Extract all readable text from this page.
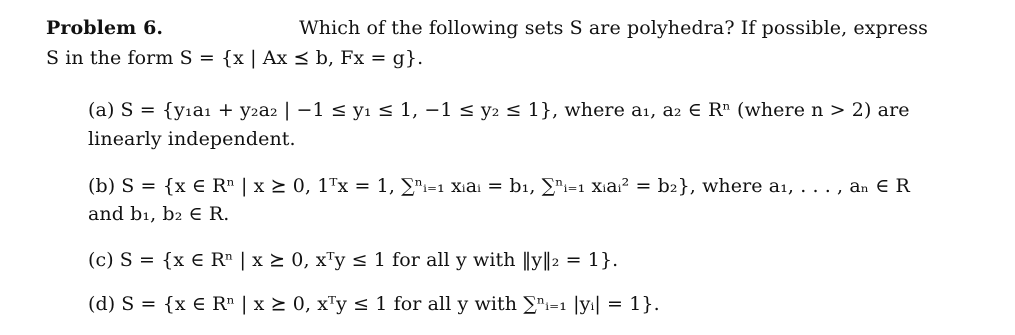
Problem 6.	Which of the following sets S are polyhedra? If possible, express
S in the form S = {x | Ax ⪯ b, Fx = g}.
(a) S = {y₁a₁ + y₂a₂ | −1 ≤ y₁ ≤ 1, −1 ≤ y₂ ≤ 1}, where a₁, a₂ ∈ Rⁿ (where n > 2) are
linearly independent.
(b) S = {x ∈ Rⁿ | x ⪰ 0, 1ᵀx = 1, ∑ⁿᵢ₌₁ xᵢaᵢ = b₁, ∑ⁿᵢ₌₁ xᵢaᵢ² = b₂}, where a₁, . . . , aₙ ∈ R
and b₁, b₂ ∈ R.
(c) S = {x ∈ Rⁿ | x ⪰ 0, xᵀy ≤ 1 for all y with ‖y‖₂ = 1}.
(d) S = {x ∈ Rⁿ | x ⪰ 0, xᵀy ≤ 1 for all y with ∑ⁿᵢ₌₁ |yᵢ| = 1}.
